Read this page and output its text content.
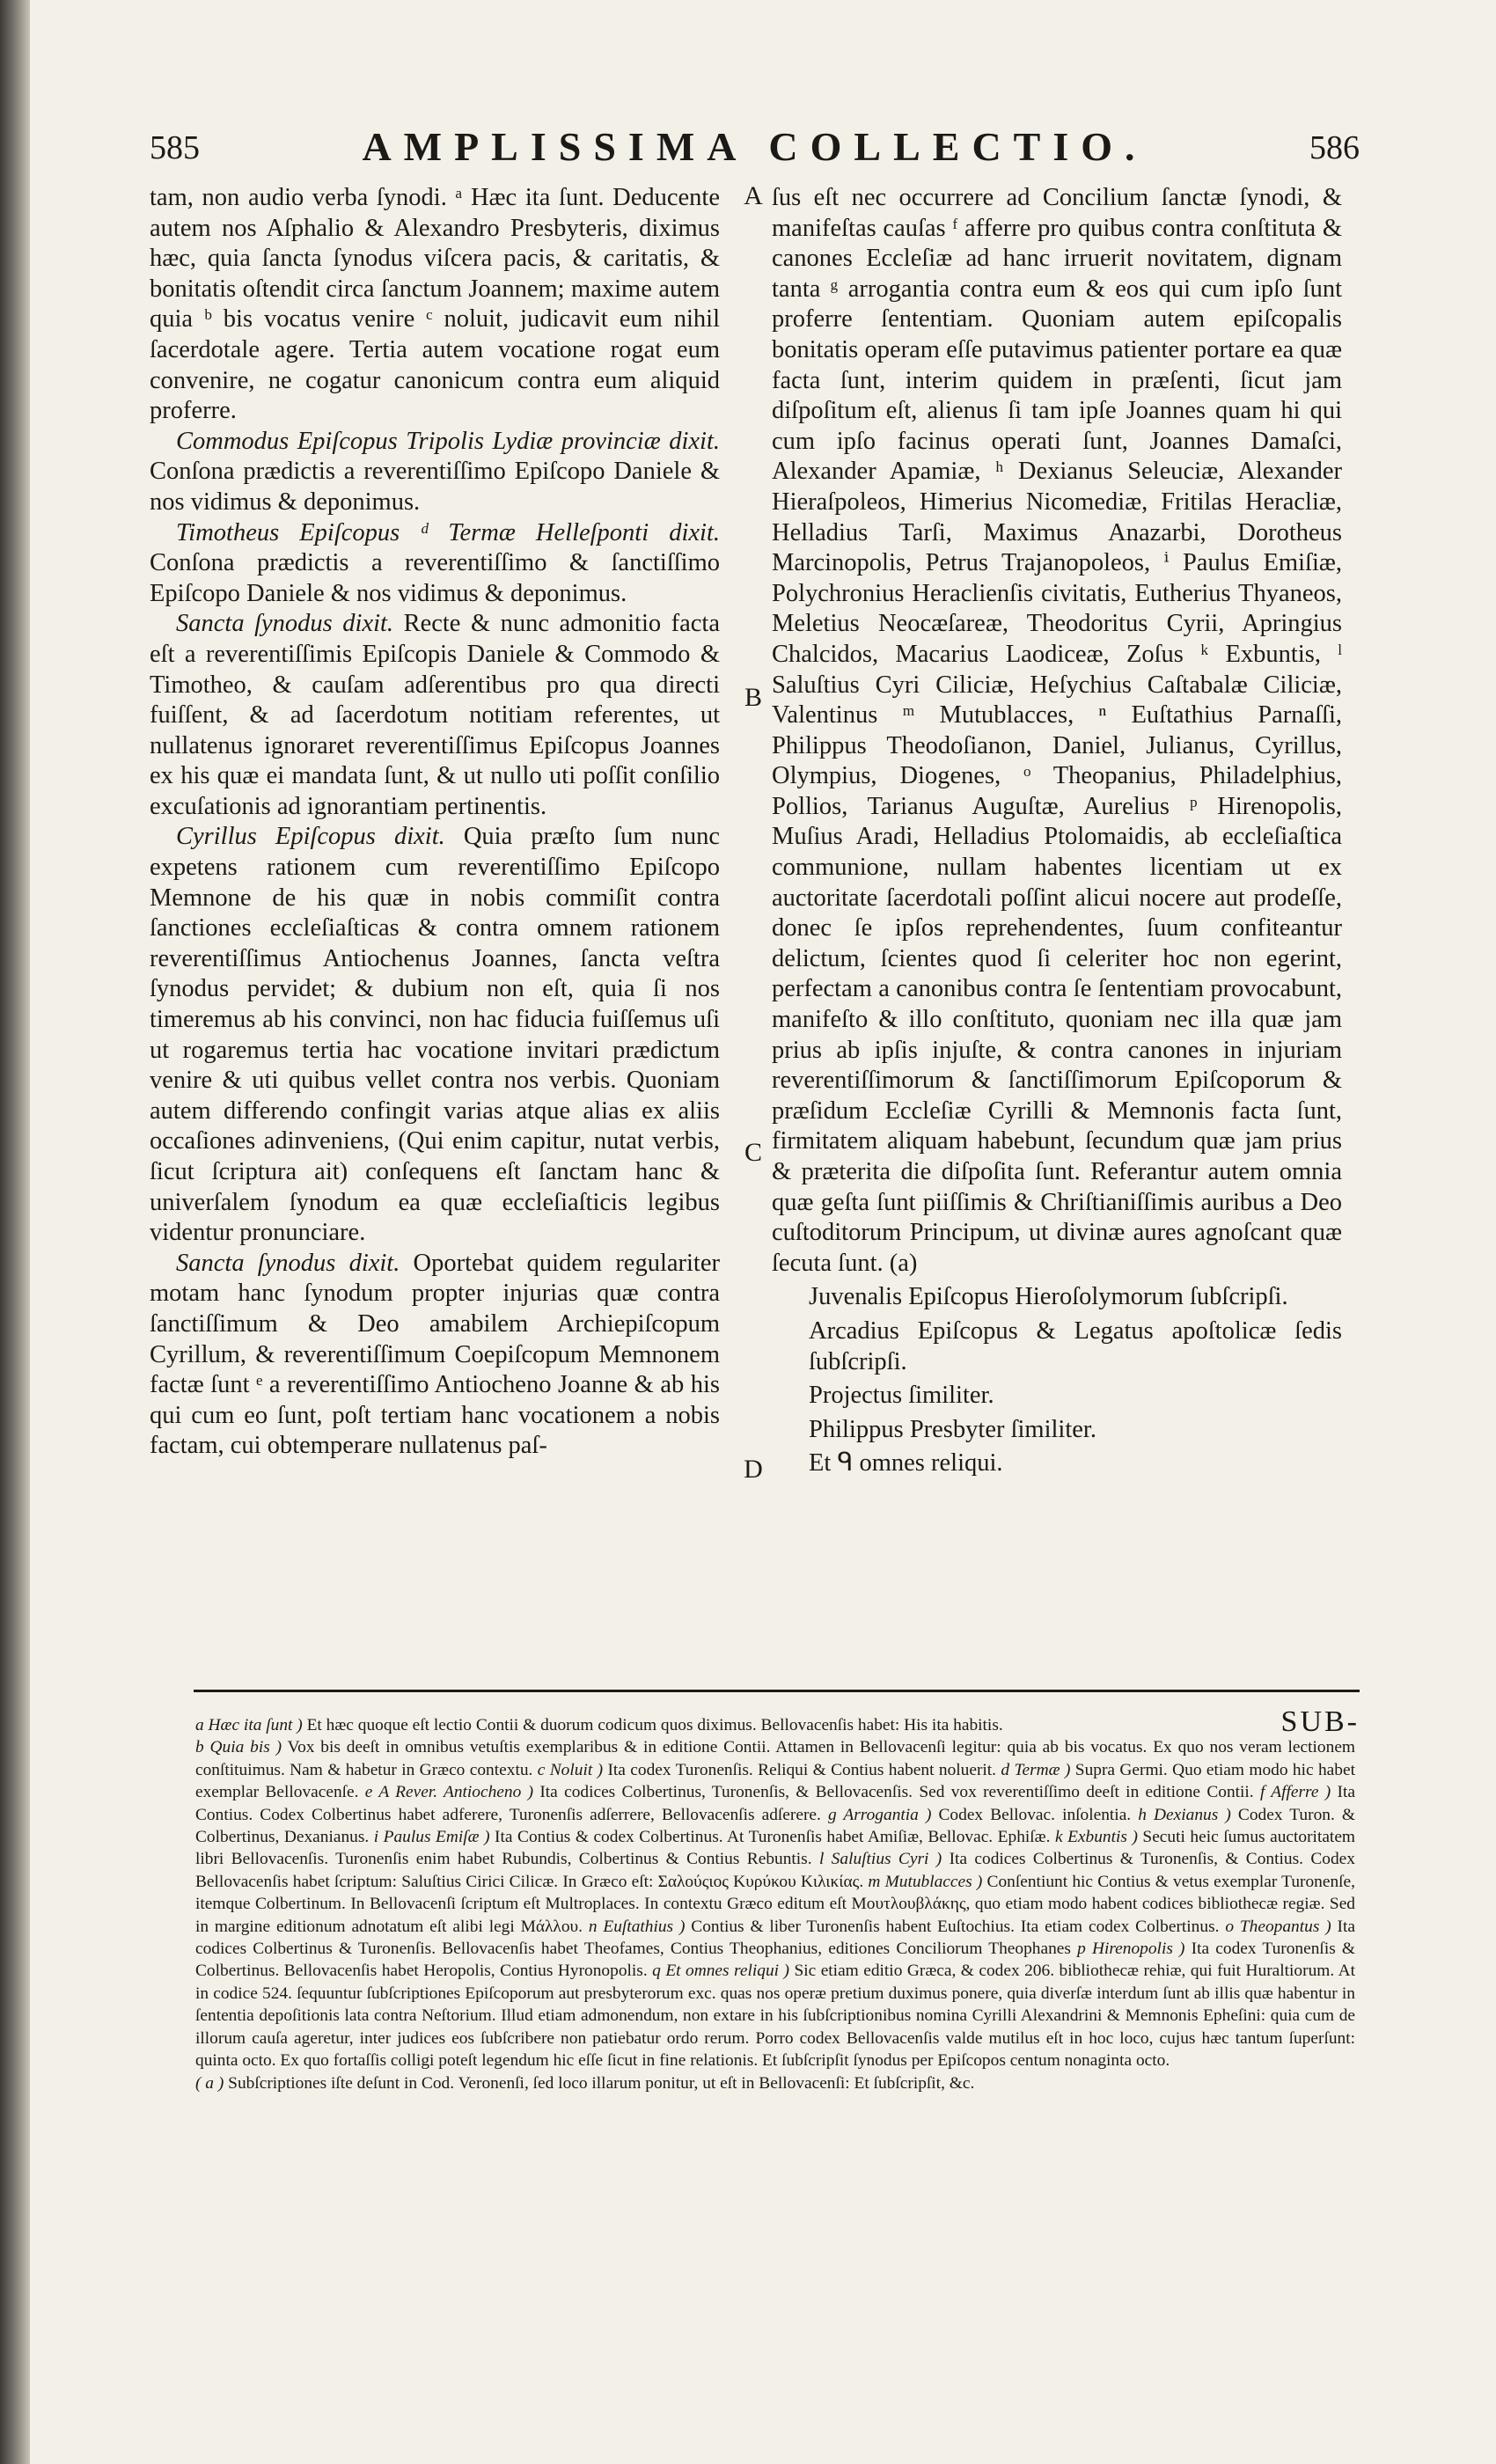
585	AMPLISSIMA COLLECTIO.	586

tam, non audio verba ſynodi. ᵃ Hæc ita ſunt. Deducente autem nos Aſphalio & Alexandro Presbyteris, diximus hæc, quia ſancta ſynodus viſcera pacis, & caritatis, & bonitatis oſtendit circa ſanctum Joannem; maxime autem quia ᵇ bis vocatus venire ᶜ noluit, judicavit eum nihil ſacerdotale agere. Tertia autem vocatione rogat eum convenire, ne cogatur canonicum contra eum aliquid proferre.

Commodus Epiſcopus Tripolis Lydiæ provinciæ dixit. Conſona prædictis a reverentiſſimo Epiſcopo Daniele & nos vidimus & deponimus.

Timotheus Epiſcopus ᵈ Termæ Helleſponti dixit. Conſona prædictis a reverentiſſimo & ſanctiſſimo Epiſcopo Daniele & nos vidimus & deponimus.

Sancta ſynodus dixit. Recte & nunc admonitio facta eſt a reverentiſſimis Epiſcopis Daniele & Commodo & Timotheo, & cauſam adſerentibus pro qua directi fuiſſent, & ad ſacerdotum notitiam referentes, ut nullatenus ignoraret reverentiſſimus Epiſcopus Joannes ex his quæ ei mandata ſunt, & ut nullo uti poſſit conſilio excuſationis ad ignorantiam pertinentis.

Cyrillus Epiſcopus dixit. Quia præſto ſum nunc expetens rationem cum reverentiſſimo Epiſcopo Memnone de his quæ in nobis commiſit contra ſanctiones eccleſiaſticas & contra omnem rationem reverentiſſimus Antiochenus Joannes, ſancta veſtra ſynodus pervidet; & dubium non eſt, quia ſi nos timeremus ab his convinci, non hac fiducia fuiſſemus uſi ut rogaremus tertia hac vocatione invitari prædictum venire & uti quibus vellet contra nos verbis. Quoniam autem differendo confingit varias atque alias ex aliis occaſiones adinveniens, (Qui enim capitur, nutat verbis, ſicut ſcriptura ait) conſequens eſt ſanctam hanc & univerſalem ſynodum ea quæ eccleſiaſticis legibus videntur pronunciare.

Sancta ſynodus dixit. Oportebat quidem regulariter motam hanc ſynodum propter injurias quæ contra ſanctiſſimum & Deo amabilem Archiepiſcopum Cyrillum, & reverentiſſimum Coepiſcopum Memnonem factæ ſunt ᵉ a reverentiſſimo Antiocheno Joanne & ab his qui cum eo ſunt, poſt tertiam hanc vocationem a nobis factam, cui obtemperare nullatenus paſ-

A
B
C
D

ſus eſt nec occurrere ad Concilium ſanctæ ſynodi, & manifeſtas cauſas ᶠ afferre pro quibus contra conſtituta & canones Eccleſiæ ad hanc irruerit novitatem, dignam tanta ᵍ arrogantia contra eum & eos qui cum ipſo ſunt proferre ſententiam. Quoniam autem epiſcopalis bonitatis operam eſſe putavimus patienter portare ea quæ facta ſunt, interim quidem in præſenti, ſicut jam diſpoſitum eſt, alienus ſi tam ipſe Joannes quam hi qui cum ipſo facinus operati ſunt, Joannes Damaſci, Alexander Apamiæ, ʰ Dexianus Seleuciæ, Alexander Hieraſpoleos, Himerius Nicomediæ, Fritilas Heracliæ, Helladius Tarſi, Maximus Anazarbi, Dorotheus Marcinopolis, Petrus Trajanopoleos, ⁱ Paulus Emiſiæ, Polychronius Heraclienſis civitatis, Eutherius Thyaneos, Meletius Neocæſareæ, Theodoritus Cyrii, Apringius Chalcidos, Macarius Laodiceæ, Zoſus ᵏ Exbuntis, ˡ Saluſtius Cyri Ciliciæ, Heſychius Caſtabalæ Ciliciæ, Valentinus ᵐ Mutublacces, ⁿ Euſtathius Parnaſſi, Philippus Theodoſianon, Daniel, Julianus, Cyrillus, Olympius, Diogenes, ᵒ Theopanius, Philadelphius, Pollios, Tarianus Auguſtæ, Aurelius ᵖ Hirenopolis, Muſius Aradi, Helladius Ptolomaidis, ab eccleſiaſtica communione, nullam habentes licentiam ut ex auctoritate ſacerdotali poſſint alicui nocere aut prodeſſe, donec ſe ipſos reprehendentes, ſuum confiteantur delictum, ſcientes quod ſi celeriter hoc non egerint, perfectam a canonibus contra ſe ſententiam provocabunt, manifeſto & illo conſtituto, quoniam nec illa quæ jam prius ab ipſis injuſte, & contra canones in injuriam reverentiſſimorum & ſanctiſſimorum Epiſcoporum & præſidum Eccleſiæ Cyrilli & Memnonis facta ſunt, firmitatem aliquam habebunt, ſecundum quæ jam prius & præterita die diſpoſita ſunt. Referantur autem omnia quæ geſta ſunt piiſſimis & Chriſtianiſſimis auribus a Deo cuſtoditorum Principum, ut divinæ aures agnoſcant quæ ſecuta ſunt. (a)

Juvenalis Epiſcopus Hieroſolymorum ſubſcripſi.

Arcadius Epiſcopus & Legatus apoſtolicæ ſedis ſubſcripſi.

Projectus ſimiliter.

Philippus Presbyter ſimiliter.

Et ᑫ omnes reliqui.

SUB-
a Hæc ita ſunt ) Et hæc quoque eſt lectio Contii & duorum codicum quos diximus. Bellovacenſis habet: His ita habitis.
b Quia bis ) Vox bis deeſt in omnibus vetuſtis exemplaribus & in editione Contii. Attamen in Bellovacenſi legitur: quia ab bis vocatus. Ex quo nos veram lectionem conſtituimus. Nam & habetur in Græco contextu. c Noluit ) Ita codex Turonenſis. Reliqui & Contius habent noluerit. d Termæ ) Supra Germi. Quo etiam modo hic habet exemplar Bellovacenſe. e A Rever. Antiocheno ) Ita codices Colbertinus, Turonenſis, & Bellovacenſis. Sed vox reverentiſſimo deeſt in editione Contii. f Afferre ) Ita Contius. Codex Colbertinus habet adferere, Turonenſis adſerrere, Bellovacenſis adſerere. g Arrogantia ) Codex Bellovac. inſolentia. h Dexianus ) Codex Turon. & Colbertinus, Dexanianus. i Paulus Emiſæ ) Ita Contius & codex Colbertinus. At Turonenſis habet Amiſiæ, Bellovac. Ephiſæ. k Exbuntis ) Secuti heic ſumus auctoritatem libri Bellovacenſis. Turonenſis enim habet Rubundis, Colbertinus & Contius Rebuntis. l Saluſtius Cyri ) Ita codices Colbertinus & Turonenſis, & Contius. Codex Bellovacenſis habet ſcriptum: Saluſtius Cirici Cilicæ. In Græco eſt: Σαλούςιος Κυρύκου Κιλικίας. m Mutublacces ) Conſentiunt hic Contius & vetus exemplar Turonenſe, itemque Colbertinum. In Bellovacenſi ſcriptum eſt Multroplaces. In contextu Græco editum eſt Μουτλουβλάκης, quo etiam modo habent codices bibliothecæ regiæ. Sed in margine editionum adnotatum eſt alibi legi Μάλλου. n Euſtathius ) Contius & liber Turonenſis habent Euſtochius. Ita etiam codex Colbertinus. o Theopantus ) Ita codices Colbertinus & Turonenſis. Bellovacenſis habet Theofames, Contius Theophanius, editiones Conciliorum Theophanes p Hirenopolis ) Ita codex Turonenſis & Colbertinus. Bellovacenſis habet Heropolis, Contius Hyronopolis. q Et omnes reliqui ) Sic etiam editio Græca, & codex 206. bibliothecæ rehiæ, qui fuit Huraltiorum. At in codice 524. ſequuntur ſubſcriptiones Epiſcoporum aut presbyterorum exc. quas nos operæ pretium duximus ponere, quia diverſæ interdum ſunt ab illis quæ habentur in ſententia depoſitionis lata contra Neſtorium. Illud etiam admonendum, non extare in his ſubſcriptionibus nomina Cyrilli Alexandrini & Memnonis Epheſini: quia cum de illorum cauſa ageretur, inter judices eos ſubſcribere non patiebatur ordo rerum. Porro codex Bellovacenſis valde mutilus eſt in hoc loco, cujus hæc tantum ſuperſunt: quinta octo. Ex quo fortaſſis colligi poteſt legendum hic eſſe ſicut in fine relationis. Et ſubſcripſit ſynodus per Epiſcopos centum nonaginta octo.
( a ) Subſcriptiones iſte deſunt in Cod. Veronenſi, ſed loco illarum ponitur, ut eſt in Bellovacenſi: Et ſubſcripſit, &c.
